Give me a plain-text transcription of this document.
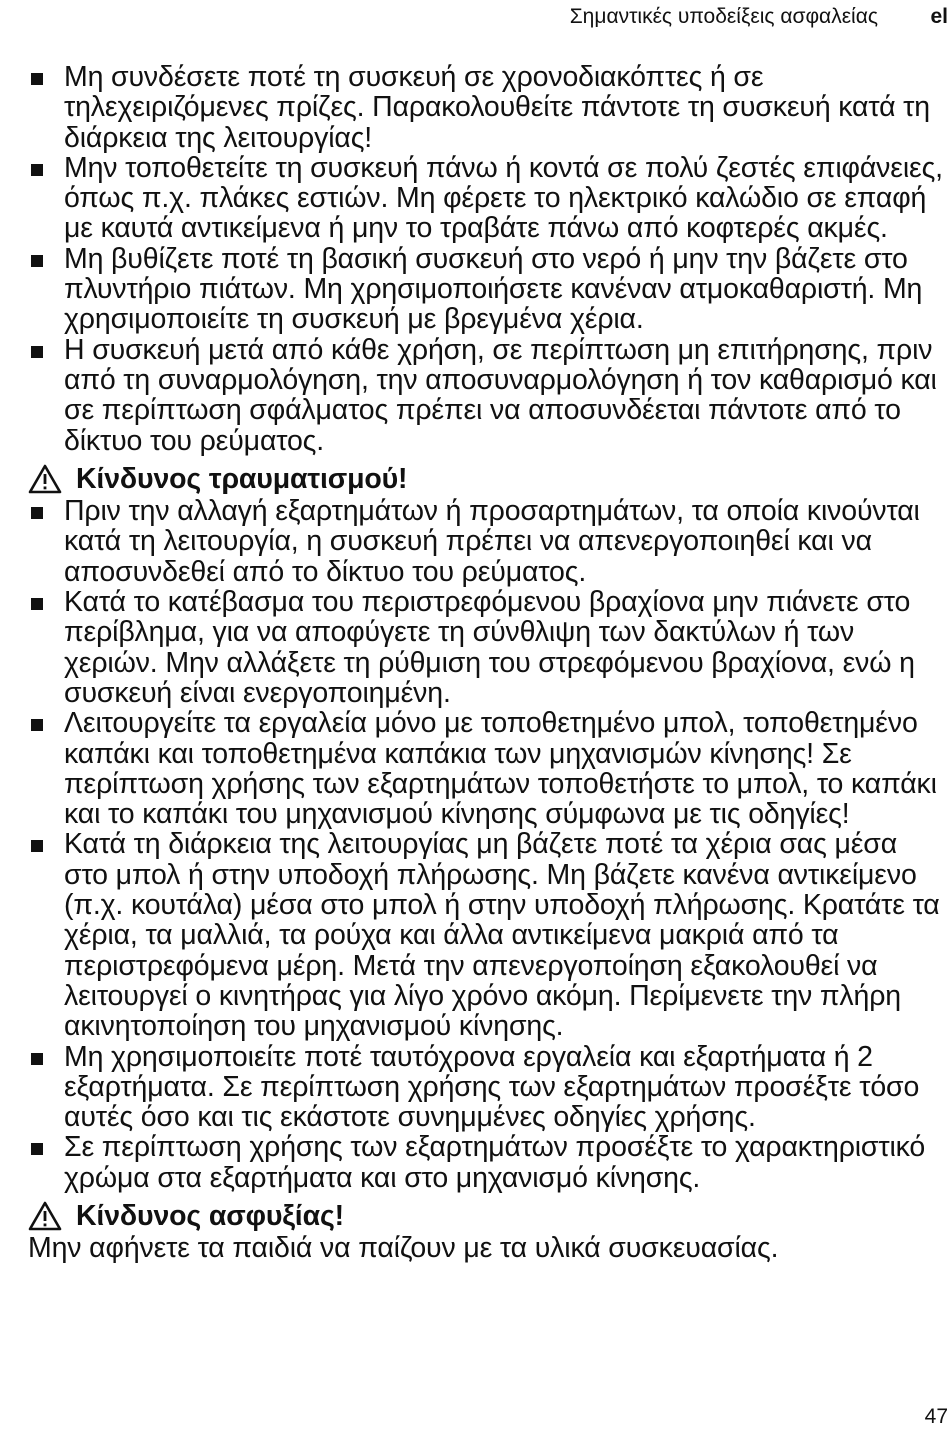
Σημαντικές υποδείξεις ασφαλείας el
Μη συνδέσετε ποτέ τη συσκευή σε χρονοδιακόπτες ή σε τηλεχειριζόμενες πρίζες. Παρακολουθείτε πάντοτε τη συσκευή κατά τη διάρκεια της λειτουργίας!
Μην τοποθετείτε τη συσκευή πάνω ή κοντά σε πολύ ζεστές επιφάνειες, όπως π.χ. πλάκες εστιών. Μη φέρετε το ηλεκτρικό καλώδιο σε επαφή με καυτά αντικείμενα ή μην το τραβάτε πάνω από κοφτερές ακμές.
Μη βυθίζετε ποτέ τη βασική συσκευή στο νερό ή μην την βάζετε στο πλυντήριο πιάτων. Μη χρησιμοποιήσετε κανέναν ατμοκαθαριστή. Μη χρησιμοποιείτε τη συσκευή με βρεγμένα χέρια.
Η συσκευή μετά από κάθε χρήση, σε περίπτωση μη επιτήρησης, πριν από τη συναρμολόγηση, την αποσυναρμολόγηση ή τον καθαρισμό και σε περίπτωση σφάλματος πρέπει να αποσυνδέεται πάντοτε από το δίκτυο του ρεύματος.
Κίνδυνος τραυματισμού!
Πριν την αλλαγή εξαρτημάτων ή προσαρτημάτων, τα οποία κινούνται κατά τη λειτουργία, η συσκευή πρέπει να απενεργοποιηθεί και να αποσυνδεθεί από το δίκτυο του ρεύματος.
Κατά το κατέβασμα του περιστρεφόμενου βραχίονα μην πιάνετε στο περίβλημα, για να αποφύγετε τη σύνθλιψη των δακτύλων ή των χεριών. Μην αλλάξετε τη ρύθμιση του στρεφόμενου βραχίονα, ενώ η συσκευή είναι ενεργοποιημένη.
Λειτουργείτε τα εργαλεία μόνο με τοποθετημένο μπολ, τοποθετημένο καπάκι και τοποθετημένα καπάκια των μηχανισμών κίνησης! Σε περίπτωση χρήσης των εξαρτημάτων τοποθετήστε το μπολ, το καπάκι και το καπάκι του μηχανισμού κίνησης σύμφωνα με τις οδηγίες!
Κατά τη διάρκεια της λειτουργίας μη βάζετε ποτέ τα χέρια σας μέσα στο μπολ ή στην υποδοχή πλήρωσης. Μη βάζετε κανένα αντικείμενο (π.χ. κουτάλα) μέσα στο μπολ ή στην υποδοχή πλήρωσης. Κρατάτε τα χέρια, τα μαλλιά, τα ρούχα και άλλα αντικείμενα μακριά από τα περιστρεφόμενα μέρη. Μετά την απενεργοποίηση εξακολουθεί να λειτουργεί ο κινητήρας για λίγο χρόνο ακόμη. Περίμενετε την πλήρη ακινητοποίηση του μηχανισμού κίνησης.
Μη χρησιμοποιείτε ποτέ ταυτόχρονα εργαλεία και εξαρτήματα ή 2 εξαρτήματα. Σε περίπτωση χρήσης των εξαρτημάτων προσέξτε τόσο αυτές όσο και τις εκάστοτε συνημμένες οδηγίες χρήσης.
Σε περίπτωση χρήσης των εξαρτημάτων προσέξτε το χαρακτηριστικό χρώμα στα εξαρτήματα και στο μηχανισμό κίνησης.
Κίνδυνος ασφυξίας!

Μην αφήνετε τα παιδιά να παίζουν με τα υλικά συσκευασίας.

47
